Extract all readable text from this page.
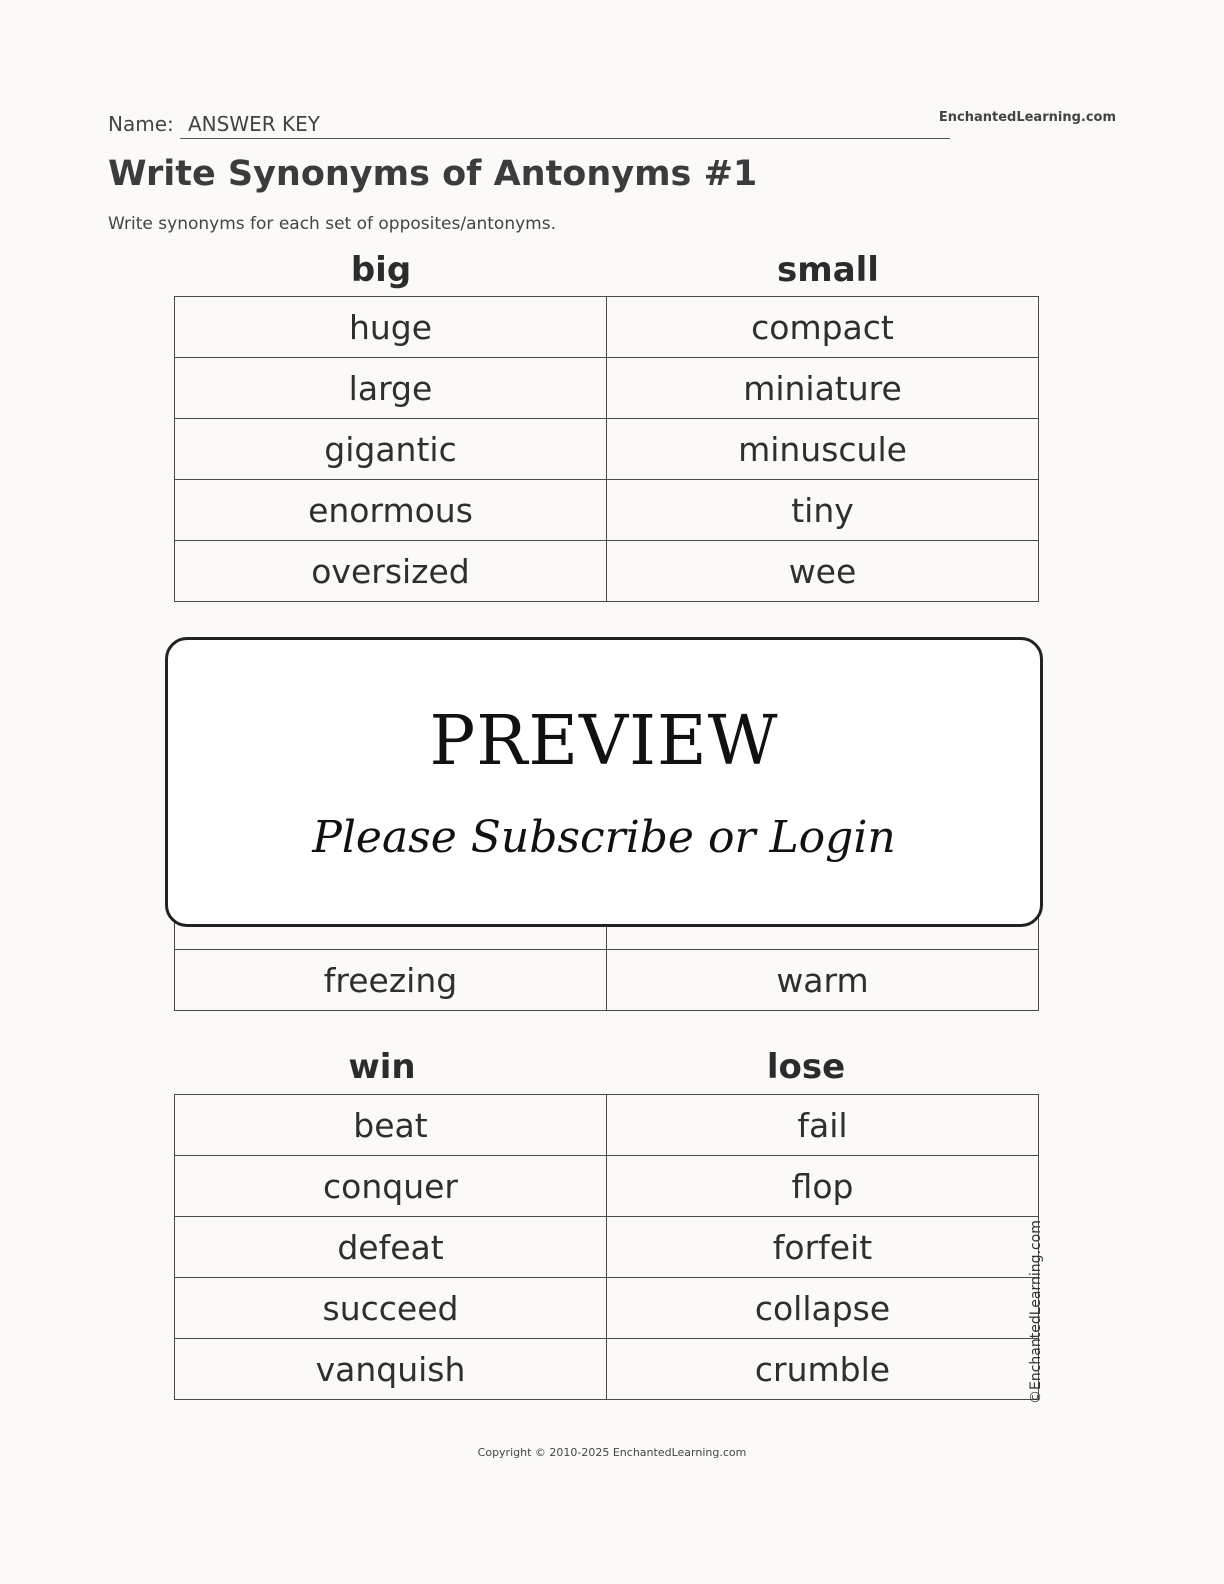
Name: ANSWER KEY	EnchantedLearning.com
Write Synonyms of Antonyms #1
Write synonyms for each set of opposites/antonyms.
big	small
huge	compact
large	miniature
gigantic	minuscule
enormous	tiny
oversized	wee

freezing	warm
PREVIEW
Please Subscribe or Login
win	lose
beat	fail
conquer	flop
defeat	forfeit
succeed	collapse
vanquish	crumble	©EnchantedLearning.com
Copyright © 2010-2025 EnchantedLearning.com
